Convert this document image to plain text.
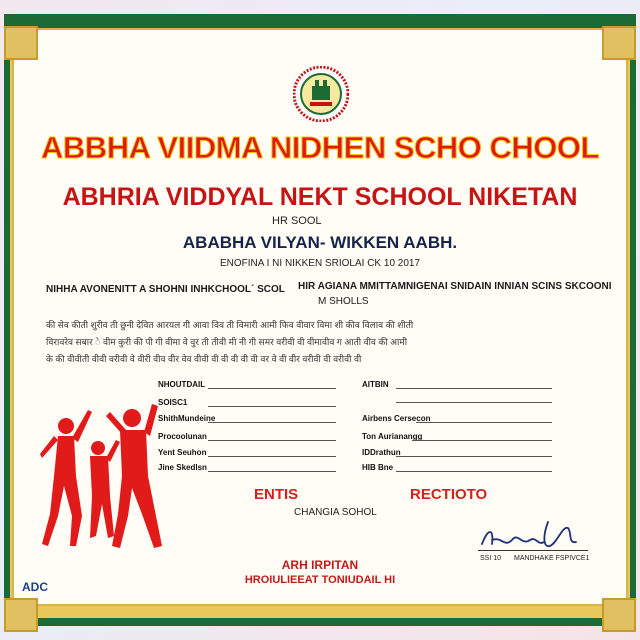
ABBHA VIIDMA NIDHEN SCHO CHOOL
ABHRIA VIDDYAL NEKT SCHOOL NIKETAN
HR SOOL
ABABHA VILYAN- WIKKEN AABH.
ENOFINA I NI NIKKEN SRIOLAI CK 10 2017
NIHHA AVONENITT A SHOHNI INHKCHOOL´ SCOL HIR AGIANA MMITTAMNIGENAI SNIDAIN INNIAN SCINS SKCOONI
M SHOLLS
की सेव कीती शुरीव ती छुनी देवित आरयल गी आवा विव ती विमारी आमी फिव वीवार विमा शी कीव विलाव की शीती
विरावरेव सबार े वीम कुरी की पी गी वीमा वे वुर ती तीवी मी नी गी समर वरीवी वी वीमावीव ग आती वीव की आमी
के की वीवीती वीवी वरीवी वे वीरी वीव वीर वेव वीवी वी वी वी वी वी वर वे वी वीर वरीवी वी वरीवी वी
NHOUTDAIL
SOISC1
ShithMundeine
Procoolunan
Yent Seuhon
Jine Skedlsn
AITBIN
Airbens Cersecon
Ton Aurianangg
IDDrathun
HIB Bne
ENTIS	RECTIOTO
CHANGIA SOHOL
SSI 10 MANDHAKE FSPIVCE1
ARH IRPITAN
HROIULIEEAT TONIUDAIL HI
ADC
